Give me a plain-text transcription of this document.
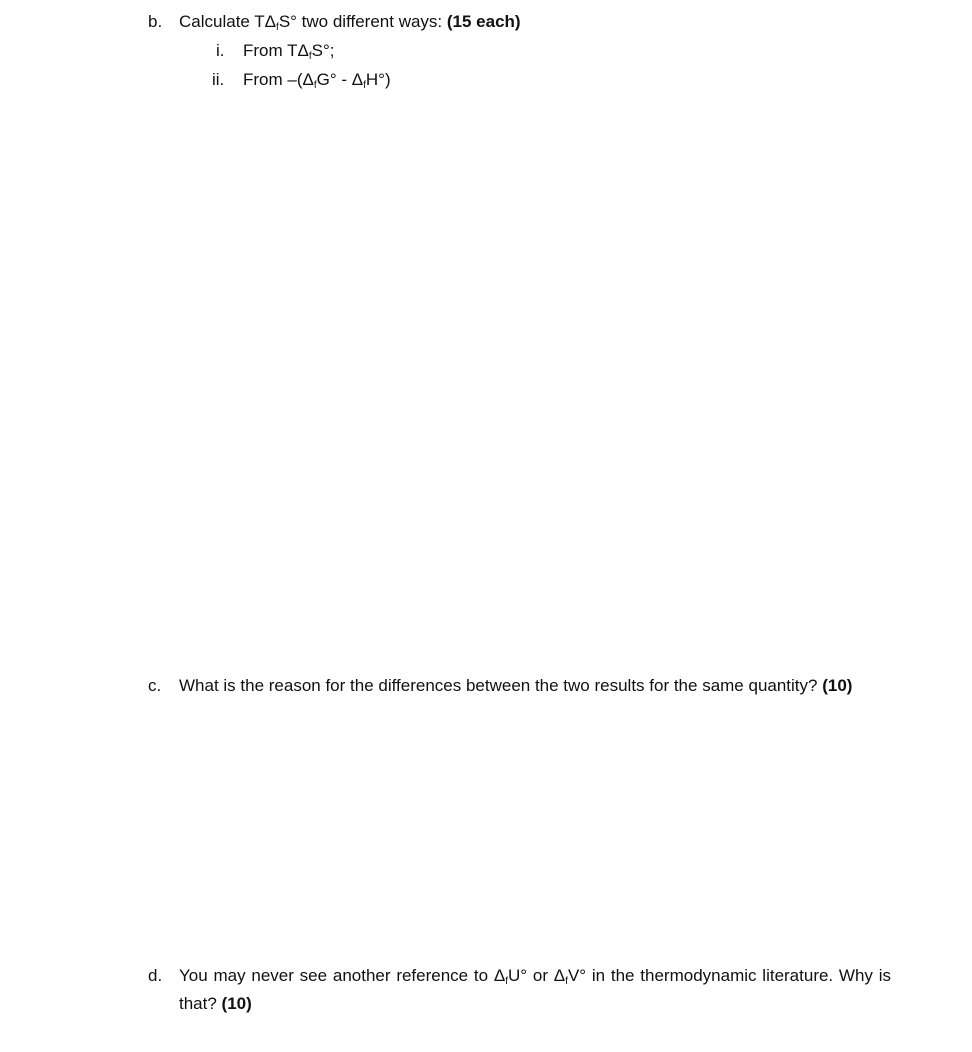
b. Calculate $T\Delta_fS^\circ$ two different ways: (15 each)
i. From $T\Delta_fS^\circ$;
ii. From $-(\Delta_fG^\circ - \Delta_fH^\circ)$
c. What is the reason for the differences between the two results for the same quantity? (10)
d. You may never see another reference to $\Delta_fU^\circ$ or $\Delta_fV^\circ$ in the thermodynamic literature. Why is that? (10)
